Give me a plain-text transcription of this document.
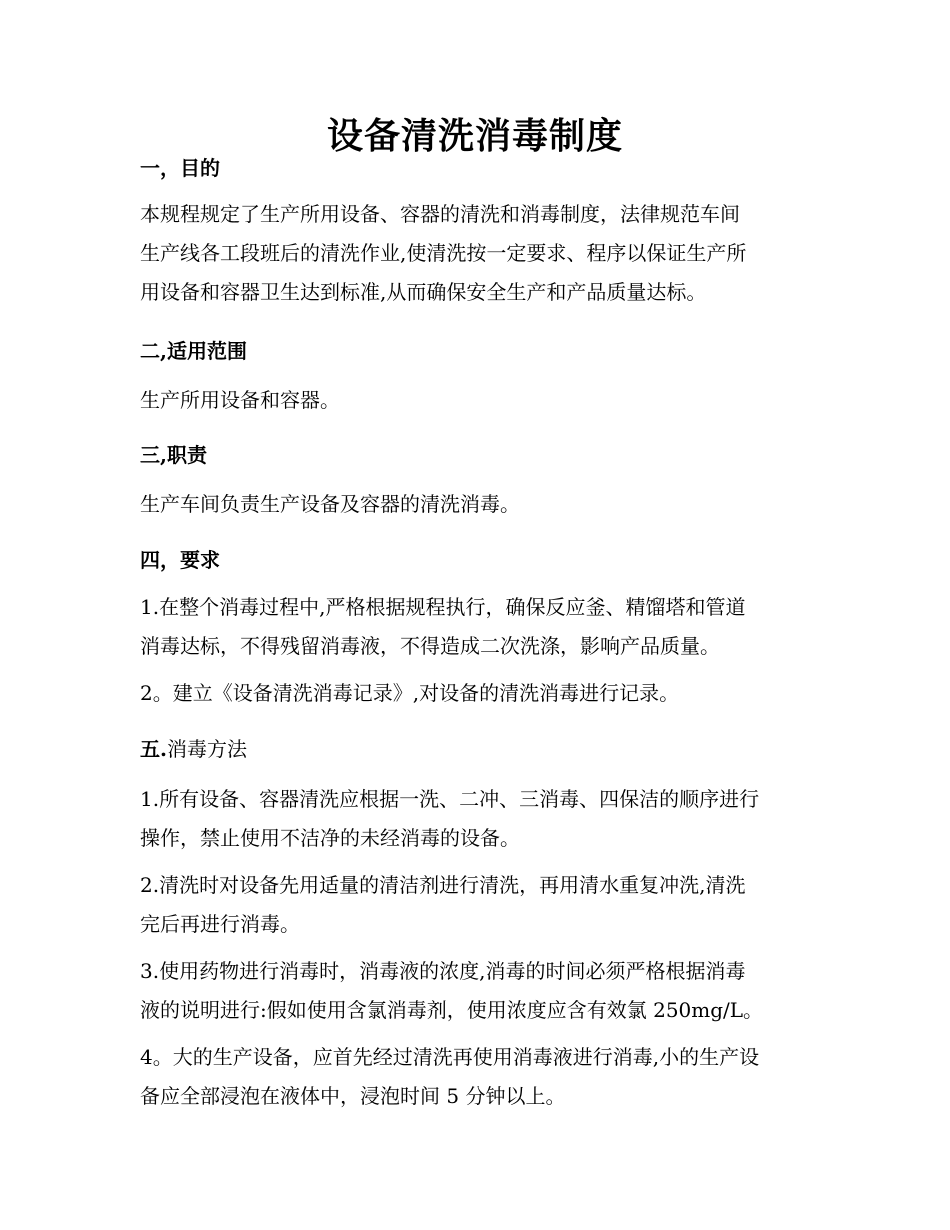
设备清洗消毒制度
一，目的
本规程规定了生产所用设备、容器的清洗和消毒制度，法律规范车间
生产线各工段班后的清洗作业,使清洗按一定要求、程序以保证生产所
用设备和容器卫生达到标准,从而确保安全生产和产品质量达标。
二,适用范围
生产所用设备和容器。
三,职责
生产车间负责生产设备及容器的清洗消毒。
四，要求
1.在整个消毒过程中,严格根据规程执行，确保反应釜、精馏塔和管道
消毒达标，不得残留消毒液，不得造成二次洗涤，影响产品质量。
2。建立《设备清洗消毒记录》,对设备的清洗消毒进行记录。
五.消毒方法
1.所有设备、容器清洗应根据一洗、二冲、三消毒、四保洁的顺序进行
操作，禁止使用不洁净的未经消毒的设备。
2.清洗时对设备先用适量的清洁剂进行清洗，再用清水重复冲洗,清洗
完后再进行消毒。
3.使用药物进行消毒时，消毒液的浓度,消毒的时间必须严格根据消毒
液的说明进行:假如使用含氯消毒剂，使用浓度应含有效氯 250mg/L。
4。大的生产设备，应首先经过清洗再使用消毒液进行消毒,小的生产设
备应全部浸泡在液体中，浸泡时间 5 分钟以上。
